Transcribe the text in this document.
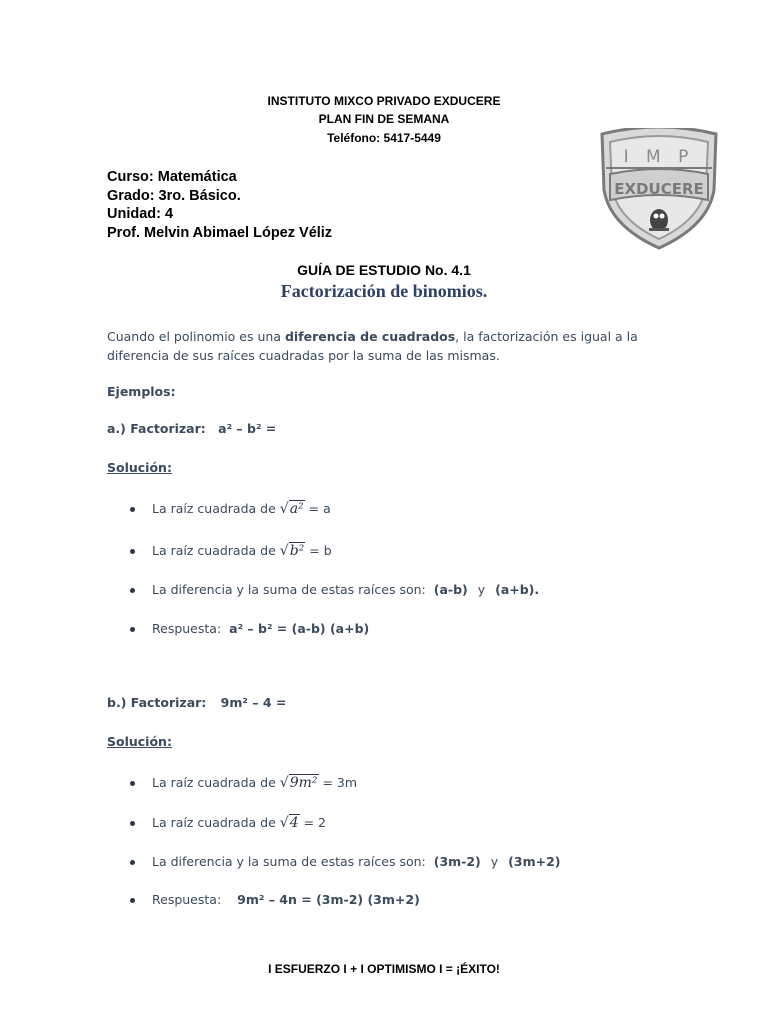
INSTITUTO MIXCO PRIVADO EXDUCERE
PLAN FIN DE SEMANA
Teléfono: 5417-5449
I M P
EXDUCERE
Curso: Matemática
Grado: 3ro. Básico.
Unidad: 4
Prof. Melvin Abimael López Véliz
GUÍA DE ESTUDIO No. 4.1
Factorización de binomios.
Cuando el polinomio es una diferencia de cuadrados, la factorización es igual a la
diferencia de sus raíces cuadradas por la suma de las mismas.
Ejemplos:
a.) Factorizar: a² – b² =
Solución:
La raíz cuadrada de √a² = a
La raíz cuadrada de √b² = b
La diferencia y la suma de estas raíces son: (a-b) y (a+b).
Respuesta: a² – b² = (a-b) (a+b)
b.) Factorizar: 9m² – 4 =
Solución:
La raíz cuadrada de √9m² = 3m
La raíz cuadrada de √4 = 2
La diferencia y la suma de estas raíces son: (3m-2) y (3m+2)
Respuesta: 9m² – 4n = (3m-2) (3m+2)
I ESFUERZO I + I OPTIMISMO I = ¡ÉXITO!
